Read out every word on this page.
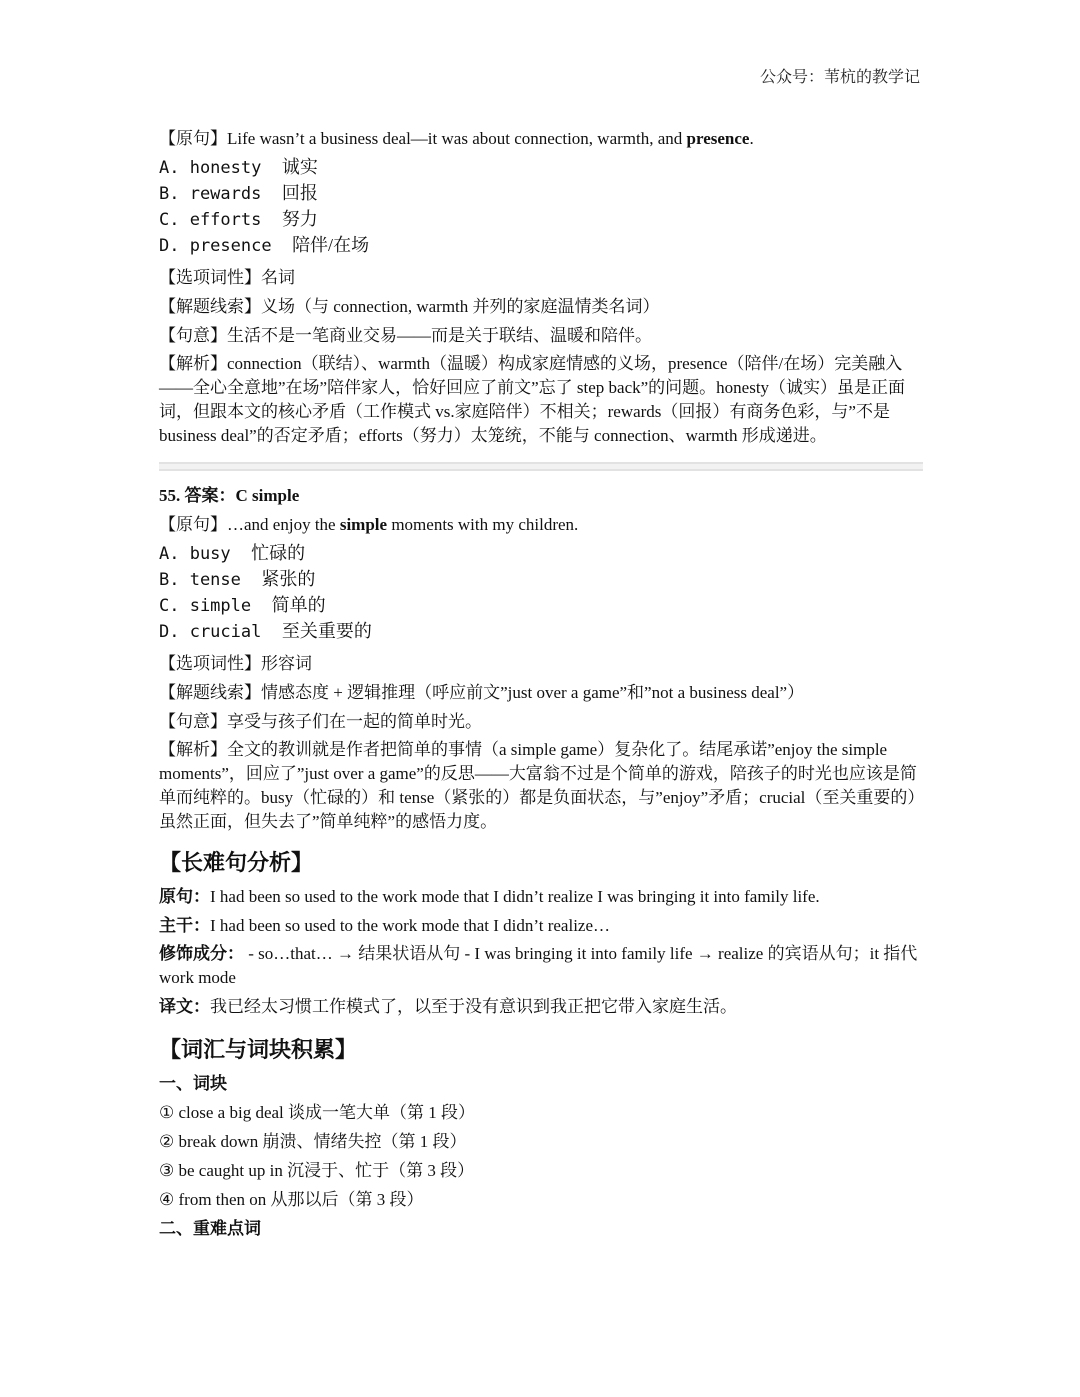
公众号：苇杭的教学记
【原句】Life wasn’t a business deal—it was about connection, warmth, and presence.
A. honesty  诚实
B. rewards  回报
C. efforts  努力
D. presence  陪伴/在场
【选项词性】名词
【解题线索】义场（与 connection, warmth 并列的家庭温情类名词）
【句意】生活不是一笔商业交易——而是关于联结、温暖和陪伴。
【解析】connection（联结）、warmth（温暖）构成家庭情感的义场，presence（陪伴/在场）完美融入——全心全意地”在场”陪伴家人，恰好回应了前文”忘了 step back”的问题。honesty（诚实）虽是正面词，但跟本文的核心矛盾（工作模式 vs.家庭陪伴）不相关；rewards（回报）有商务色彩，与”不是 business deal”的否定矛盾；efforts（努力）太笼统，不能与 connection、warmth 形成递进。
55. 答案：C simple
【原句】…and enjoy the simple moments with my children.
A. busy  忙碌的
B. tense  紧张的
C. simple  简单的
D. crucial  至关重要的
【选项词性】形容词
【解题线索】情感态度 + 逻辑推理（呼应前文”just over a game”和”not a business deal”）
【句意】享受与孩子们在一起的简单时光。
【解析】全文的教训就是作者把简单的事情（a simple game）复杂化了。结尾承诺”enjoy the simple moments”，回应了”just over a game”的反思——大富翁不过是个简单的游戏，陪孩子的时光也应该是简单而纯粹的。busy（忙碌的）和 tense（紧张的）都是负面状态，与”enjoy”矛盾；crucial（至关重要的）虽然正面，但失去了”简单纯粹”的感悟力度。
【长难句分析】
原句：I had been so used to the work mode that I didn’t realize I was bringing it into family life.
主干：I had been so used to the work mode that I didn’t realize…
修饰成分： - so…that… → 结果状语从句 - I was bringing it into family life → realize 的宾语从句；it 指代 work mode
译文：我已经太习惯工作模式了，以至于没有意识到我正把它带入家庭生活。
【词汇与词块积累】
一、词块
① close a big deal 谈成一笔大单（第 1 段）
② break down 崩溃、情绪失控（第 1 段）
③ be caught up in 沉浸于、忙于（第 3 段）
④ from then on 从那以后（第 3 段）
二、重难点词
